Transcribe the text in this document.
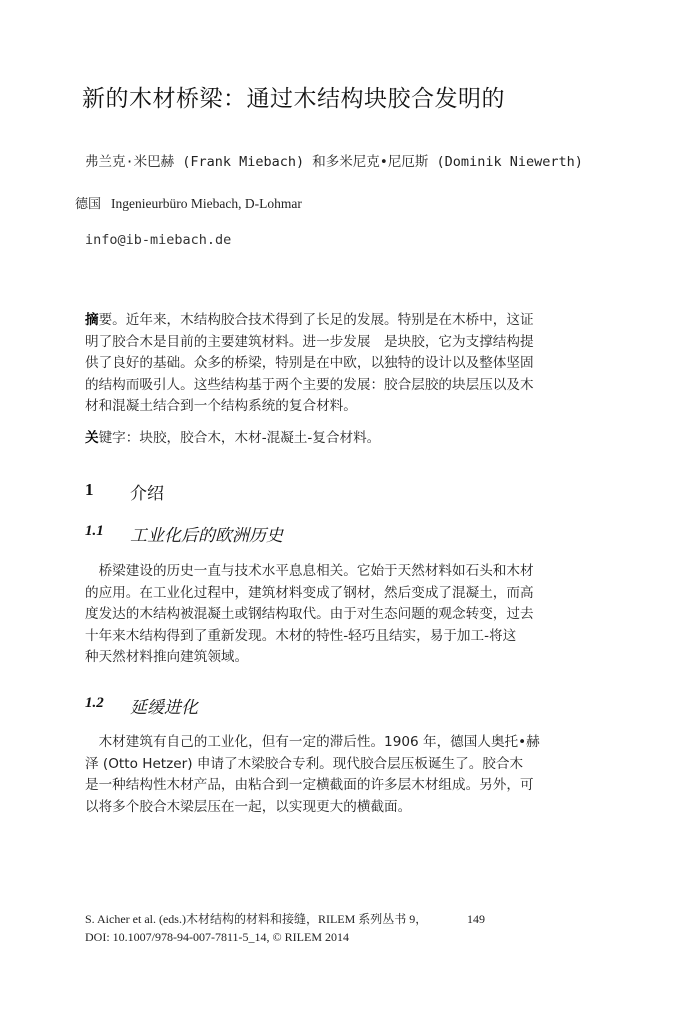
新的木材桥梁：通过木结构块胶合发明的
弗兰克·米巴赫 (Frank Miebach) 和多米尼克•尼厄斯 (Dominik Niewerth)
德国 Ingenieurbüro Miebach, D-Lohmar
info@ib-miebach.de
摘要。近年来，木结构胶合技术得到了长足的发展。特别是在木桥中，这证
明了胶合木是目前的主要建筑材料。进一步发展　是块胶，它为支撑结构提
供了良好的基础。众多的桥梁，特别是在中欧，以独特的设计以及整体坚固
的结构而吸引人。这些结构基于两个主要的发展：胶合层胶的块层压以及木
材和混凝土结合到一个结构系统的复合材料。
关键字：块胶，胶合木，木材-混凝土-复合材料。
1 介绍
1.1 工业化后的欧洲历史
　桥梁建设的历史一直与技术水平息息相关。它始于天然材料如石头和木材
的应用。在工业化过程中，建筑材料变成了钢材，然后变成了混凝土，而高
度发达的木结构被混凝土或钢结构取代。由于对生态问题的观念转变，过去
十年来木结构得到了重新发现。木材的特性-轻巧且结实，易于加工-将这
种天然材料推向建筑领域。
1.2 延缓进化
　木材建筑有自己的工业化，但有一定的滞后性。1906 年，德国人奥托•赫
泽 (Otto Hetzer) 申请了木梁胶合专利。现代胶合层压板诞生了。胶合木
是一种结构性木材产品，由粘合到一定横截面的许多层木材组成。另外，可
以将多个胶合木梁层压在一起，以实现更大的横截面。
S. Aicher et al. (eds.)木材结构的材料和接缝，RILEM 系列丛书 9，	149
DOI: 10.1007/978-94-007-7811-5_14, © RILEM 2014
